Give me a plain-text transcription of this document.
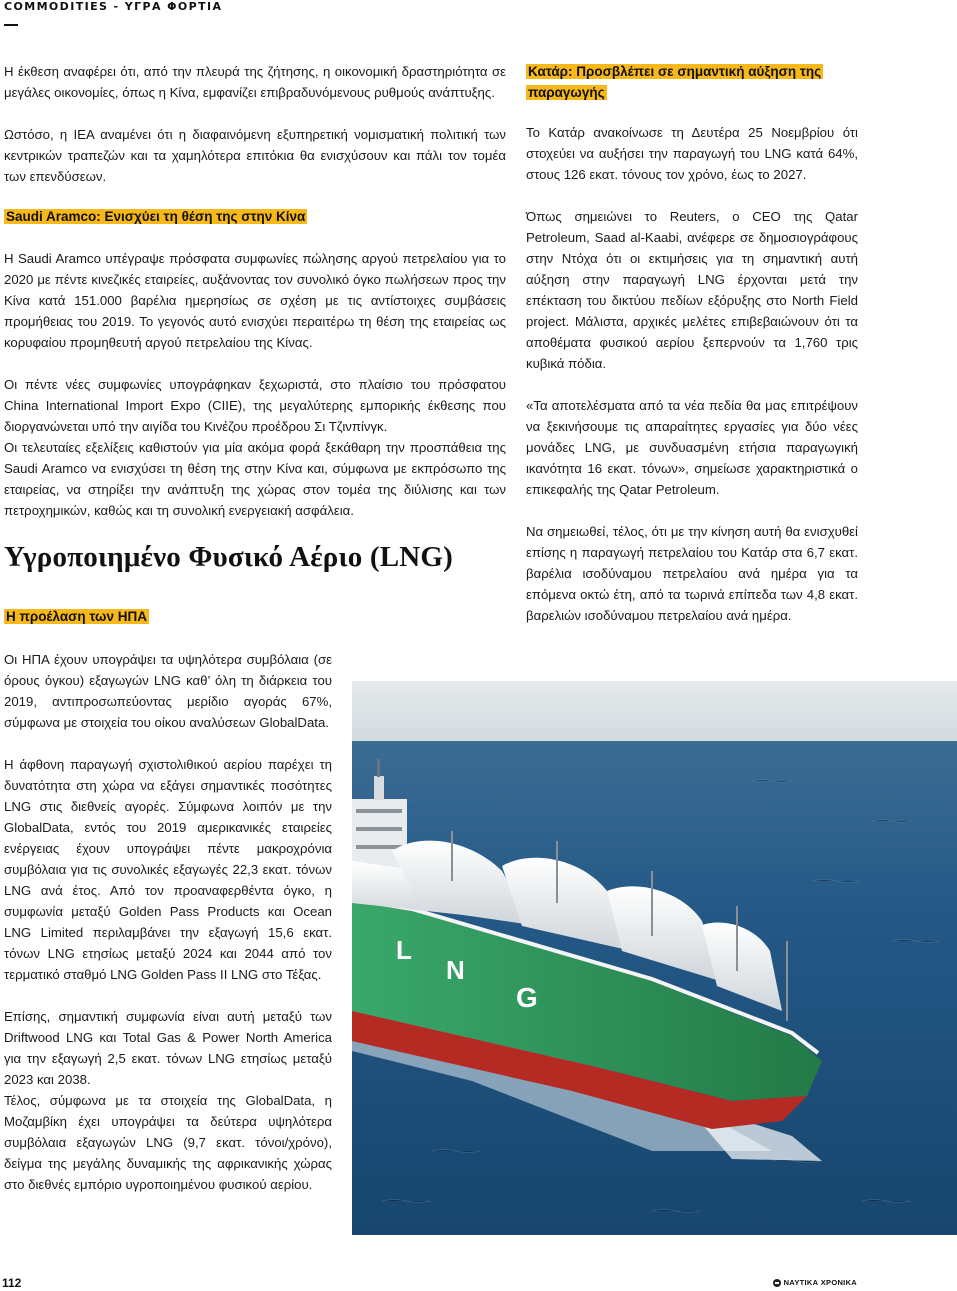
COMMODITIES - ΥΓΡΑ ΦΟΡΤΙΑ

Η έκθεση αναφέρει ότι, από την πλευρά της ζήτησης, η οικονομική δραστηριότητα σε μεγάλες οικονομίες, όπως η Κίνα, εμφανίζει επιβραδυνόμενους ρυθμούς ανάπτυξης.

Ωστόσο, η IEA αναμένει ότι η διαφαινόμενη εξυπηρετική νομισματική πολιτική των κεντρικών τραπεζών και τα χαμηλότερα επιτόκια θα ενισχύσουν και πάλι τον τομέα των επενδύσεων.

Saudi Aramco: Ενισχύει τη θέση της στην Κίνα

Η Saudi Aramco υπέγραψε πρόσφατα συμφωνίες πώλησης αργού πετρελαίου για το 2020 με πέντε κινεζικές εταιρείες, αυξάνοντας τον συνολικό όγκο πωλήσεων προς την Κίνα κατά 151.000 βαρέλια ημερησίως σε σχέση με τις αντίστοιχες συμβάσεις προμήθειας του 2019. Το γεγονός αυτό ενισχύει περαιτέρω τη θέση της εταιρείας ως κορυφαίου προμηθευτή αργού πετρελαίου της Κίνας.

Οι πέντε νέες συμφωνίες υπογράφηκαν ξεχωριστά, στο πλαίσιο του πρόσφατου China International Import Expo (CIIE), της μεγαλύτερης εμπορικής έκθεσης που διοργανώνεται υπό την αιγίδα του Κινέζου προέδρου Σι Τζινπίνγκ.

Οι τελευταίες εξελίξεις καθιστούν για μία ακόμα φορά ξεκάθαρη την προσπάθεια της Saudi Aramco να ενισχύσει τη θέση της στην Κίνα και, σύμφωνα με εκπρόσωπο της εταιρείας, να στηρίξει την ανάπτυξη της χώρας στον τομέα της διύλισης και των πετροχημικών, καθώς και τη συνολική ενεργειακή ασφάλεια.

Υγροποιημένο Φυσικό Αέριο (LNG)
Η προέλαση των ΗΠΑ

Οι ΗΠΑ έχουν υπογράψει τα υψηλότερα συμβόλαια (σε όρους όγκου) εξαγωγών LNG καθ’ όλη τη διάρκεια του 2019, αντιπροσωπεύοντας μερίδιο αγοράς 67%, σύμφωνα με στοιχεία του οίκου αναλύσεων GlobalData.

Η άφθονη παραγωγή σχιστολιθικού αερίου παρέχει τη δυνατότητα στη χώρα να εξάγει σημαντικές ποσότητες LNG στις διεθνείς αγορές. Σύμφωνα λοιπόν με την GlobalData, εντός του 2019 αμερικανικές εταιρείες ενέργειας έχουν υπογράψει πέντε μακροχρόνια συμβόλαια για τις συνολικές εξαγωγές 22,3 εκατ. τόνων LNG ανά έτος. Από τον προαναφερθέντα όγκο, η συμφωνία μεταξύ Golden Pass Products και Ocean LNG Limited περιλαμβάνει την εξαγωγή 15,6 εκατ. τόνων LNG ετησίως μεταξύ 2024 και 2044 από τον τερματικό σταθμό LNG Golden Pass II LNG στο Τέξας.

Επίσης, σημαντική συμφωνία είναι αυτή μεταξύ των Driftwood LNG και Total Gas & Power North America για την εξαγωγή 2,5 εκατ. τόνων LNG ετησίως μεταξύ 2023 και 2038.

Τέλος, σύμφωνα με τα στοιχεία της GlobalData, η Μοζαμβίκη έχει υπογράψει τα δεύτερα υψηλότερα συμβόλαια εξαγωγών LNG (9,7 εκατ. τόνοι/χρόνο), δείγμα της μεγάλης δυναμικής της αφρικανικής χώρας στο διεθνές εμπόριο υγροποιημένου φυσικού αερίου.

Κατάρ: Προσβλέπει σε σημαντική αύξηση της παραγωγής

Το Κατάρ ανακοίνωσε τη Δευτέρα 25 Νοεμβρίου ότι στοχεύει να αυξήσει την παραγωγή του LNG κατά 64%, στους 126 εκατ. τόνους τον χρόνο, έως το 2027.

Όπως σημειώνει το Reuters, ο CEO της Qatar Petroleum, Saad al-Kaabi, ανέφερε σε δημοσιογράφους στην Ντόχα ότι οι εκτιμήσεις για τη σημαντική αυτή αύξηση στην παραγωγή LNG έρχονται μετά την επέκταση του δικτύου πεδίων εξόρυξης στο North Field project. Μάλιστα, αρχικές μελέτες επιβεβαιώνουν ότι τα αποθέματα φυσικού αερίου ξεπερνούν τα 1,760 τρις κυβικά πόδια.

«Τα αποτελέσματα από τα νέα πεδία θα μας επιτρέψουν να ξεκινήσουμε τις απαραίτητες εργασίες για δύο νέες μονάδες LNG, με συνδυασμένη ετήσια παραγωγική ικανότητα 16 εκατ. τόνων», σημείωσε χαρακτηριστικά ο επικεφαλής της Qatar Petroleum.

Να σημειωθεί, τέλος, ότι με την κίνηση αυτή θα ενισχυθεί επίσης η παραγωγή πετρελαίου του Κατάρ στα 6,7 εκατ. βαρέλια ισοδύναμου πετρελαίου ανά ημέρα για τα επόμενα οκτώ έτη, από τα τωρινά επίπεδα των 4,8 εκατ. βαρελιών ισοδύναμου πετρελαίου ανά ημέρα.

L
N
G
112	ΝΑΥΤΙΚΑ ΧΡΟΝΙΚΑ
